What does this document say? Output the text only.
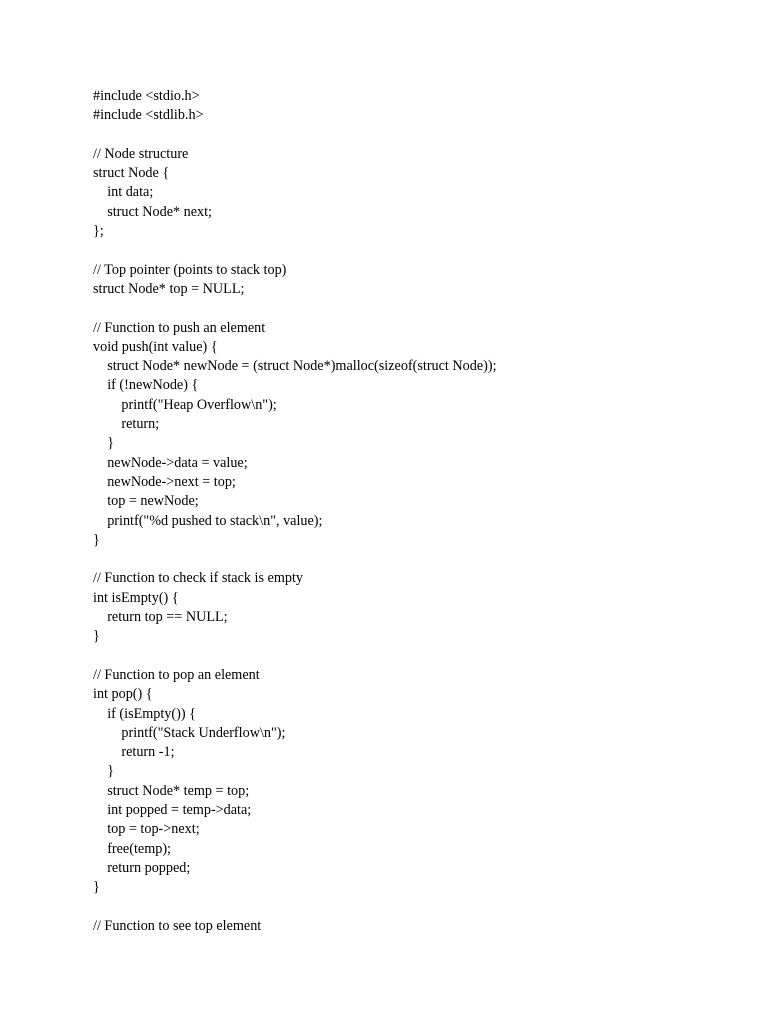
#include <stdio.h>
#include <stdlib.h>
// Node structure
struct Node {
int data;
struct Node* next;
};
// Top pointer (points to stack top)
struct Node* top = NULL;
// Function to push an element
void push(int value) {
struct Node* newNode = (struct Node*)malloc(sizeof(struct Node));
if (!newNode) {
printf("Heap Overflow\n");
return;
}
newNode->data = value;
newNode->next = top;
top = newNode;
printf("%d pushed to stack\n", value);
}
// Function to check if stack is empty
int isEmpty() {
return top == NULL;
}
// Function to pop an element
int pop() {
if (isEmpty()) {
printf("Stack Underflow\n");
return -1;
}
struct Node* temp = top;
int popped = temp->data;
top = top->next;
free(temp);
return popped;
}
// Function to see top element
